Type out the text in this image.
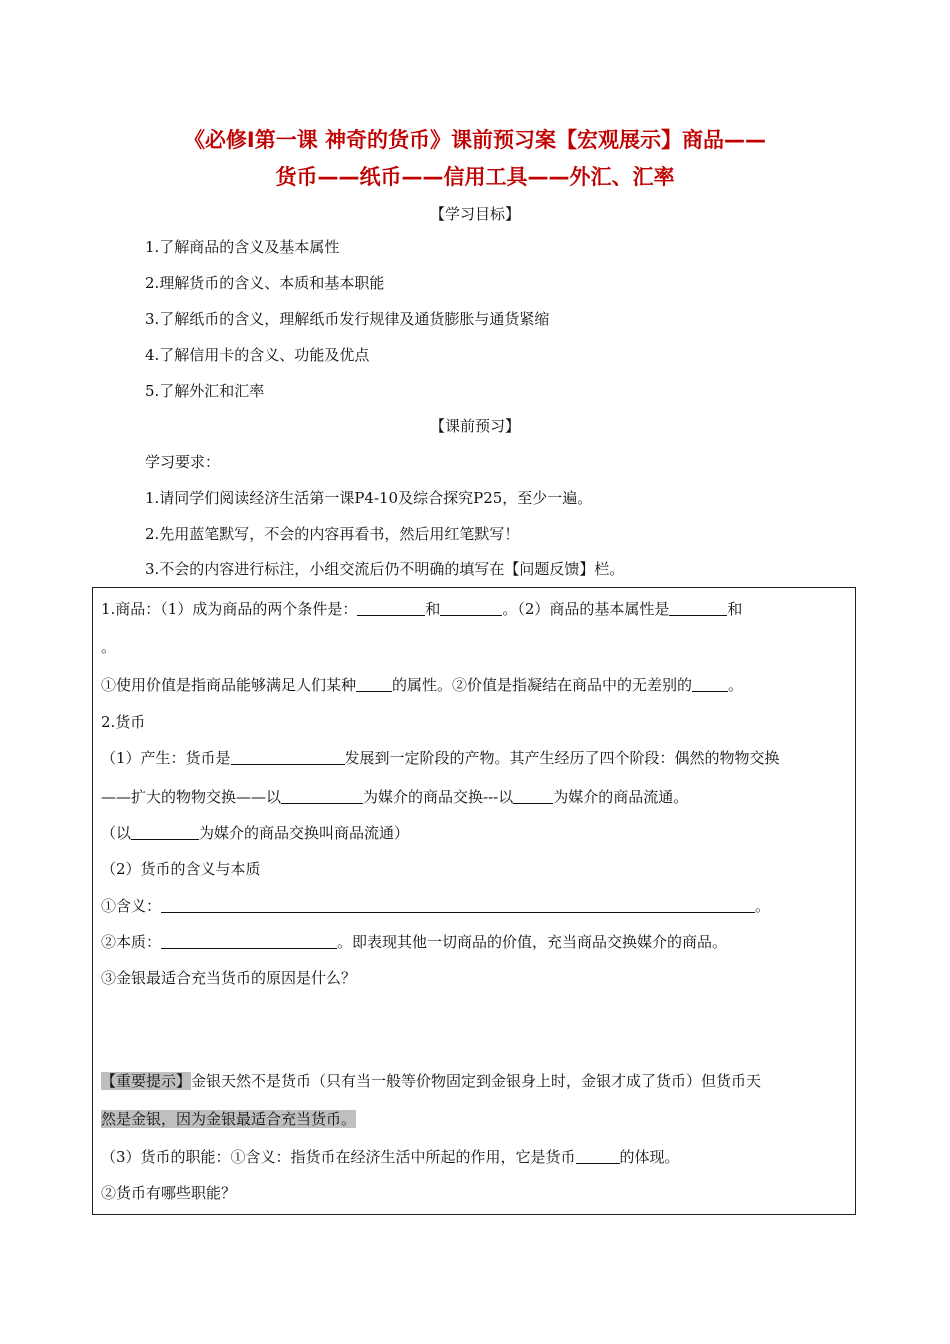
《必修Ⅰ第一课 神奇的货币》课前预习案【宏观展示】商品——
货币——纸币——信用工具——外汇、汇率
【学习目标】
1.了解商品的含义及基本属性
2.理解货币的含义、本质和基本职能
3.了解纸币的含义，理解纸币发行规律及通货膨胀与通货紧缩
4.了解信用卡的含义、功能及优点
5.了解外汇和汇率
【课前预习】
学习要求：
1.请同学们阅读经济生活第一课P4-10及综合探究P25，至少一遍。
2.先用蓝笔默写，不会的内容再看书，然后用红笔默写！
3.不会的内容进行标注，小组交流后仍不明确的填写在【问题反馈】栏。
1.商品：（1）成为商品的两个条件是：	和	。（2）商品的基本属性是	和
。
①使用价值是指商品能够满足人们某种 的属性。②价值是指凝结在商品中的无差别的 。
2.货币
（1）产生：货币是	发展到一定阶段的产物。其产生经历了四个阶段：偶然的物物交换
——扩大的物物交换——以	为媒介的商品交换---以	为媒介的商品流通。
（以	为媒介的商品交换叫商品流通）
（2）货币的含义与本质
①含义：	。
②本质：	。即表现其他一切商品的价值，充当商品交换媒介的商品。
③金银最适合充当货币的原因是什么？
【重要提示】金银天然不是货币（只有当一般等价物固定到金银身上时，金银才成了货币）但货币天
然是金银，因为金银最适合充当货币。
（3）货币的职能：①含义：指货币在经济生活中所起的作用，它是货币	的体现。
②货币有哪些职能？
